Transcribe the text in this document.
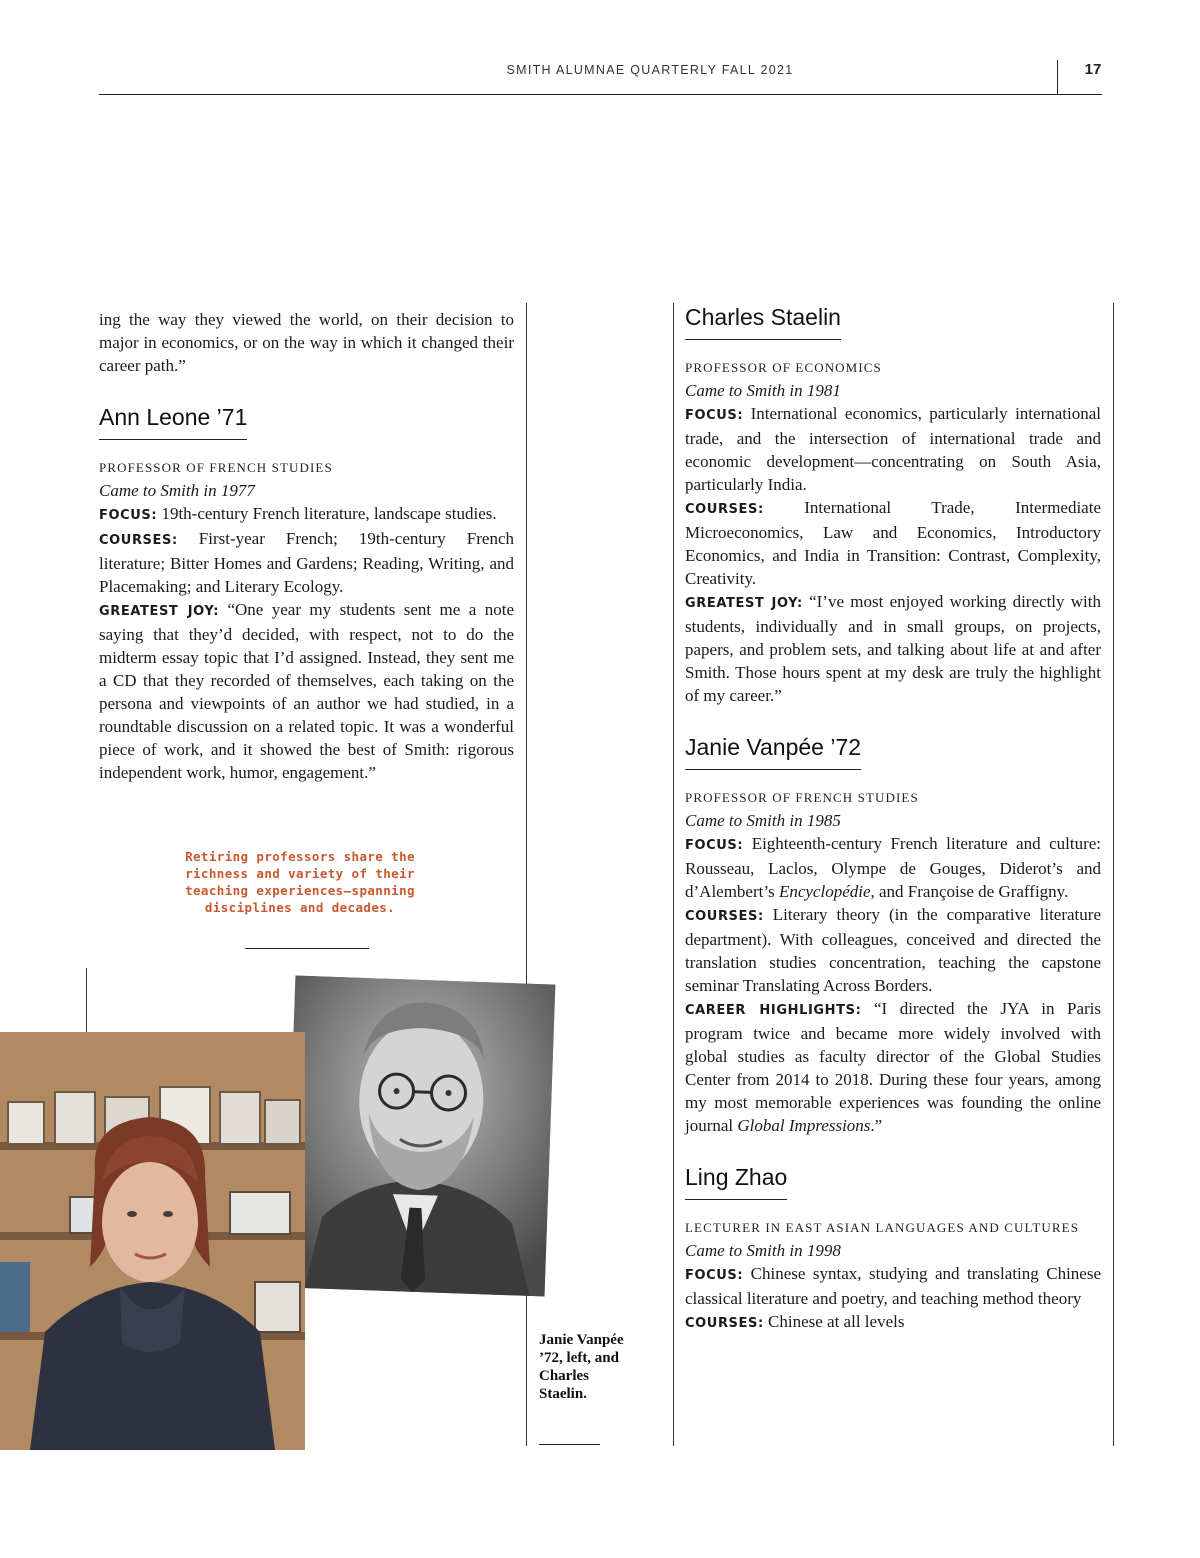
SMITH ALUMNAE QUARTERLY FALL 2021	17

ing the way they viewed the world, on their decision to major in economics, or on the way in which it changed their career path.”

Ann Leone ’71

PROFESSOR OF FRENCH STUDIES

Came to Smith in 1977

FOCUS: 19th-century French literature, landscape studies.

COURSES: First-year French; 19th-century French literature; Bitter Homes and Gardens; Reading, Writing, and Placemaking; and Literary Ecology.

GREATEST JOY: “One year my students sent me a note saying that they’d decided, with respect, not to do the midterm essay topic that I’d assigned. Instead, they sent me a CD that they recorded of themselves, each taking on the persona and viewpoints of an author we had studied, in a roundtable discussion on a related topic. It was a wonderful piece of work, and it showed the best of Smith: rigorous independent work, humor, engagement.”

Retiring professors share the richness and variety of their teaching experiences—spanning disciplines and decades.
Janie Vanpée ’72, left, and Charles Staelin.
Charles Staelin

PROFESSOR OF ECONOMICS

Came to Smith in 1981

FOCUS: International economics, particularly international trade, and the intersection of international trade and economic development—concentrating on South Asia, particularly India.

COURSES: International Trade, Intermediate Microeconomics, Law and Economics, Introductory Economics, and India in Transition: Contrast, Complexity, Creativity.

GREATEST JOY: “I’ve most enjoyed working directly with students, individually and in small groups, on projects, papers, and problem sets, and talking about life at and after Smith. Those hours spent at my desk are truly the highlight of my career.”

Janie Vanpée ’72

PROFESSOR OF FRENCH STUDIES

Came to Smith in 1985

FOCUS: Eighteenth-century French literature and culture: Rousseau, Laclos, Olympe de Gouges, Diderot’s and d’Alembert’s Encyclopédie, and Françoise de Graffigny.

COURSES: Literary theory (in the comparative literature department). With colleagues, conceived and directed the translation studies concentration, teaching the capstone seminar Translating Across Borders.

CAREER HIGHLIGHTS: “I directed the JYA in Paris program twice and became more widely involved with global studies as faculty director of the Global Studies Center from 2014 to 2018. During these four years, among my most memorable experiences was founding the online journal Global Impressions.”

Ling Zhao

LECTURER IN EAST ASIAN LANGUAGES AND CULTURES

Came to Smith in 1998

FOCUS: Chinese syntax, studying and translating Chinese classical literature and poetry, and teaching method theory

COURSES: Chinese at all levels
